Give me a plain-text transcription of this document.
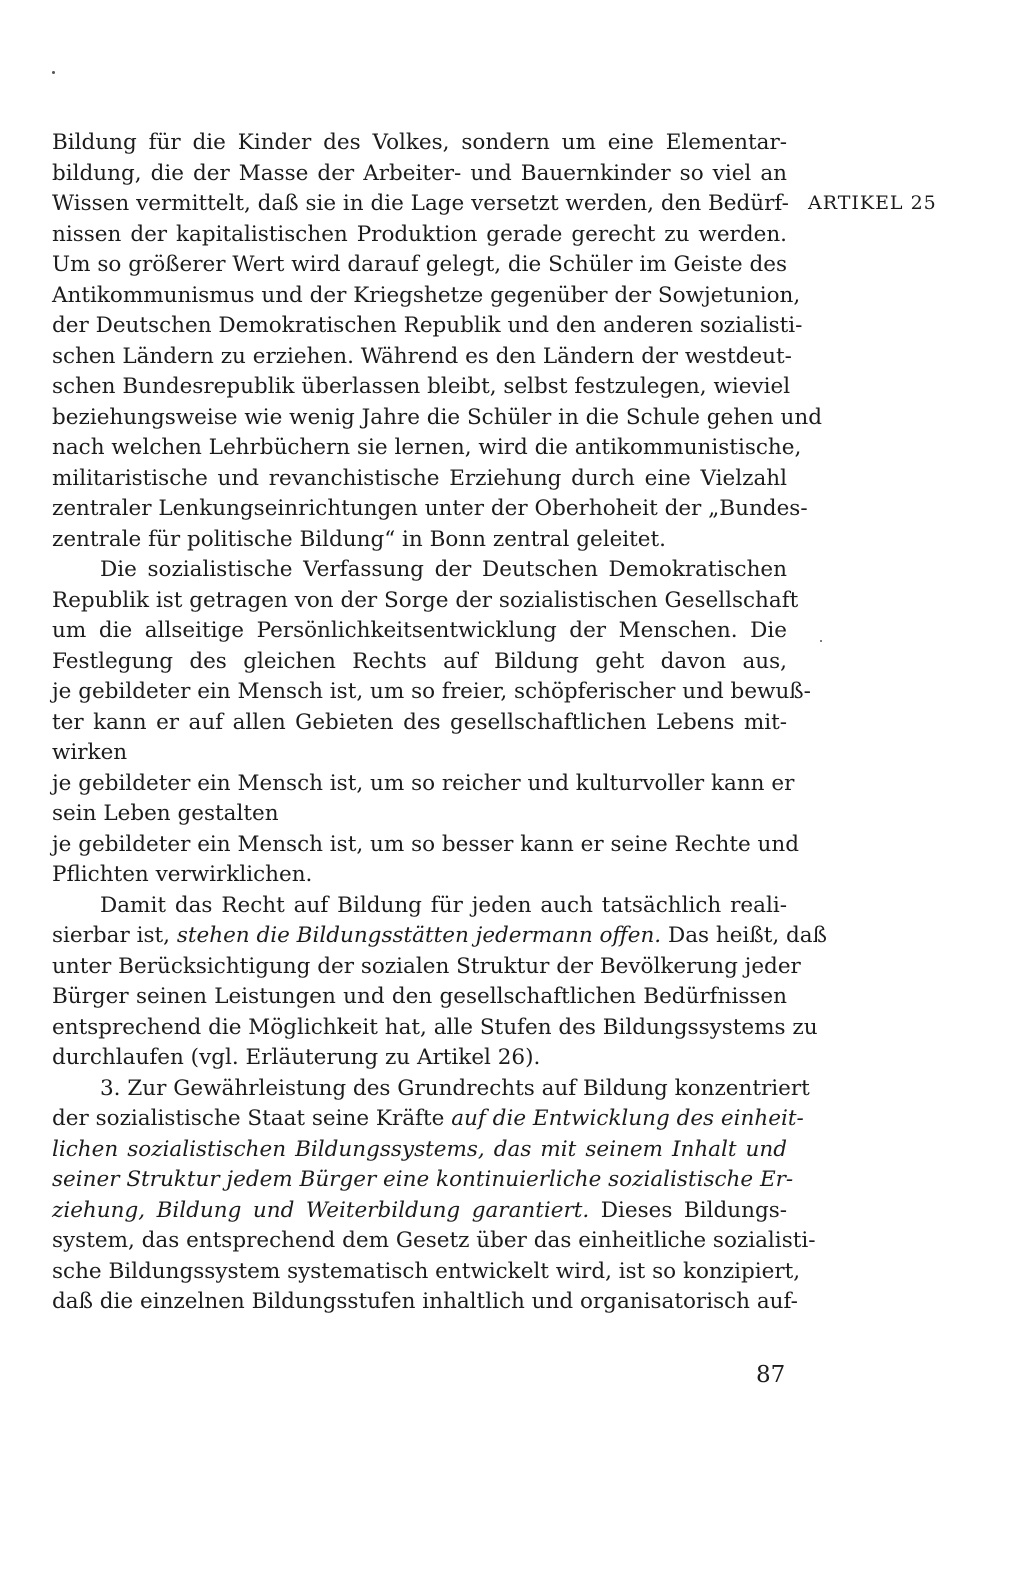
ARTIKEL 25
Bildung für die Kinder des Volkes, sondern um eine Elementar-
bildung, die der Masse der Arbeiter- und Bauernkinder so viel an
Wissen vermittelt, daß sie in die Lage versetzt werden, den Bedürf-
nissen der kapitalistischen Produktion gerade gerecht zu werden.
Um so größerer Wert wird darauf gelegt, die Schüler im Geiste des
Antikommunismus und der Kriegshetze gegenüber der Sowjetunion,
der Deutschen Demokratischen Republik und den anderen sozialisti-
schen Ländern zu erziehen. Während es den Ländern der westdeut-
schen Bundesrepublik überlassen bleibt, selbst festzulegen, wieviel
beziehungsweise wie wenig Jahre die Schüler in die Schule gehen und
nach welchen Lehrbüchern sie lernen, wird die antikommunistische,
militaristische und revanchistische Erziehung durch eine Vielzahl
zentraler Lenkungseinrichtungen unter der Oberhoheit der „Bundes-
zentrale für politische Bildung“ in Bonn zentral geleitet.
Die sozialistische Verfassung der Deutschen Demokratischen
Republik ist getragen von der Sorge der sozialistischen Gesellschaft
um die allseitige Persönlichkeitsentwicklung der Menschen. Die
Festlegung des gleichen Rechts auf Bildung geht davon aus,
je gebildeter ein Mensch ist, um so freier, schöpferischer und bewuß-
ter kann er auf allen Gebieten des gesellschaftlichen Lebens mit-
wirken
je gebildeter ein Mensch ist, um so reicher und kulturvoller kann er
sein Leben gestalten
je gebildeter ein Mensch ist, um so besser kann er seine Rechte und
Pflichten verwirklichen.
Damit das Recht auf Bildung für jeden auch tatsächlich reali-
sierbar ist, stehen die Bildungsstätten jedermann offen. Das heißt, daß
unter Berücksichtigung der sozialen Struktur der Bevölkerung jeder
Bürger seinen Leistungen und den gesellschaftlichen Bedürfnissen
entsprechend die Möglichkeit hat, alle Stufen des Bildungssystems zu
durchlaufen (vgl. Erläuterung zu Artikel 26).
3. Zur Gewährleistung des Grundrechts auf Bildung konzentriert
der sozialistische Staat seine Kräfte auf die Entwicklung des einheit-
lichen sozialistischen Bildungssystems, das mit seinem Inhalt und
seiner Struktur jedem Bürger eine kontinuierliche sozialistische Er-
ziehung, Bildung und Weiterbildung garantiert. Dieses Bildungs-
system, das entsprechend dem Gesetz über das einheitliche sozialisti-
sche Bildungssystem systematisch entwickelt wird, ist so konzipiert,
daß die einzelnen Bildungsstufen inhaltlich und organisatorisch auf-
87
